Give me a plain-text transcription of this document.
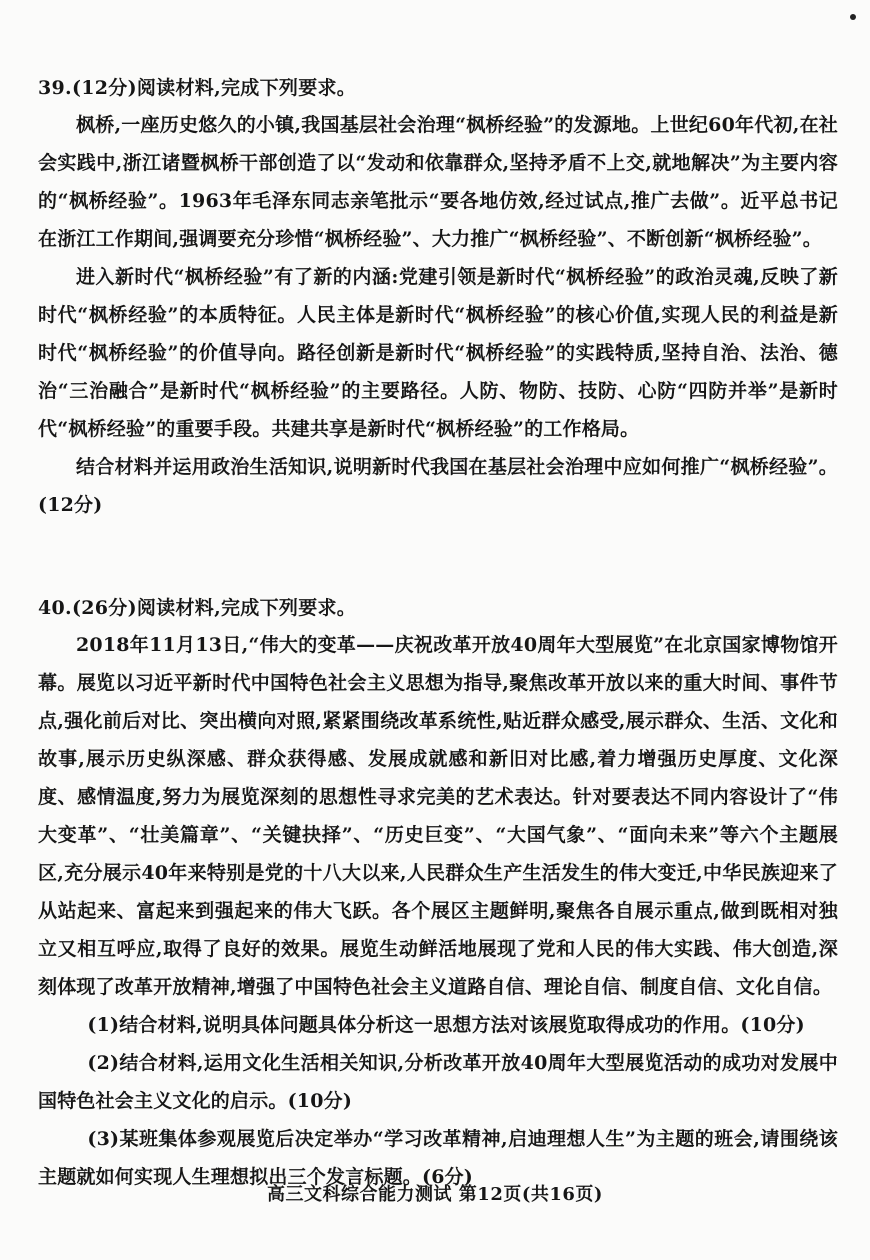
39.(12分)阅读材料,完成下列要求。

枫桥,一座历史悠久的小镇,我国基层社会治理“枫桥经验”的发源地。上世纪60年代初,在社会实践中,浙江诸暨枫桥干部创造了以“发动和依靠群众,坚持矛盾不上交,就地解决”为主要内容的“枫桥经验”。1963年毛泽东同志亲笔批示“要各地仿效,经过试点,推广去做”。近平总书记在浙江工作期间,强调要充分珍惜“枫桥经验”、大力推广“枫桥经验”、不断创新“枫桥经验”。

进入新时代“枫桥经验”有了新的内涵:党建引领是新时代“枫桥经验”的政治灵魂,反映了新时代“枫桥经验”的本质特征。人民主体是新时代“枫桥经验”的核心价值,实现人民的利益是新时代“枫桥经验”的价值导向。路径创新是新时代“枫桥经验”的实践特质,坚持自治、法治、德治“三治融合”是新时代“枫桥经验”的主要路径。人防、物防、技防、心防“四防并举”是新时代“枫桥经验”的重要手段。共建共享是新时代“枫桥经验”的工作格局。

结合材料并运用政治生活知识,说明新时代我国在基层社会治理中应如何推广“枫桥经验”。(12分)

40.(26分)阅读材料,完成下列要求。

2018年11月13日,“伟大的变革——庆祝改革开放40周年大型展览”在北京国家博物馆开幕。展览以习近平新时代中国特色社会主义思想为指导,聚焦改革开放以来的重大时间、事件节点,强化前后对比、突出横向对照,紧紧围绕改革系统性,贴近群众感受,展示群众、生活、文化和故事,展示历史纵深感、群众获得感、发展成就感和新旧对比感,着力增强历史厚度、文化深度、感情温度,努力为展览深刻的思想性寻求完美的艺术表达。针对要表达不同内容设计了“伟大变革”、“壮美篇章”、“关键抉择”、“历史巨变”、“大国气象”、“面向未来”等六个主题展区,充分展示40年来特别是党的十八大以来,人民群众生产生活发生的伟大变迁,中华民族迎来了从站起来、富起来到强起来的伟大飞跃。各个展区主题鲜明,聚焦各自展示重点,做到既相对独立又相互呼应,取得了良好的效果。展览生动鲜活地展现了党和人民的伟大实践、伟大创造,深刻体现了改革开放精神,增强了中国特色社会主义道路自信、理论自信、制度自信、文化自信。

(1)结合材料,说明具体问题具体分析这一思想方法对该展览取得成功的作用。(10分)

(2)结合材料,运用文化生活相关知识,分析改革开放40周年大型展览活动的成功对发展中国特色社会主义文化的启示。(10分)

(3)某班集体参观展览后决定举办“学习改革精神,启迪理想人生”为主题的班会,请围绕该主题就如何实现人生理想拟出三个发言标题。(6分)

高三文科综合能力测试 第12页(共16页)
